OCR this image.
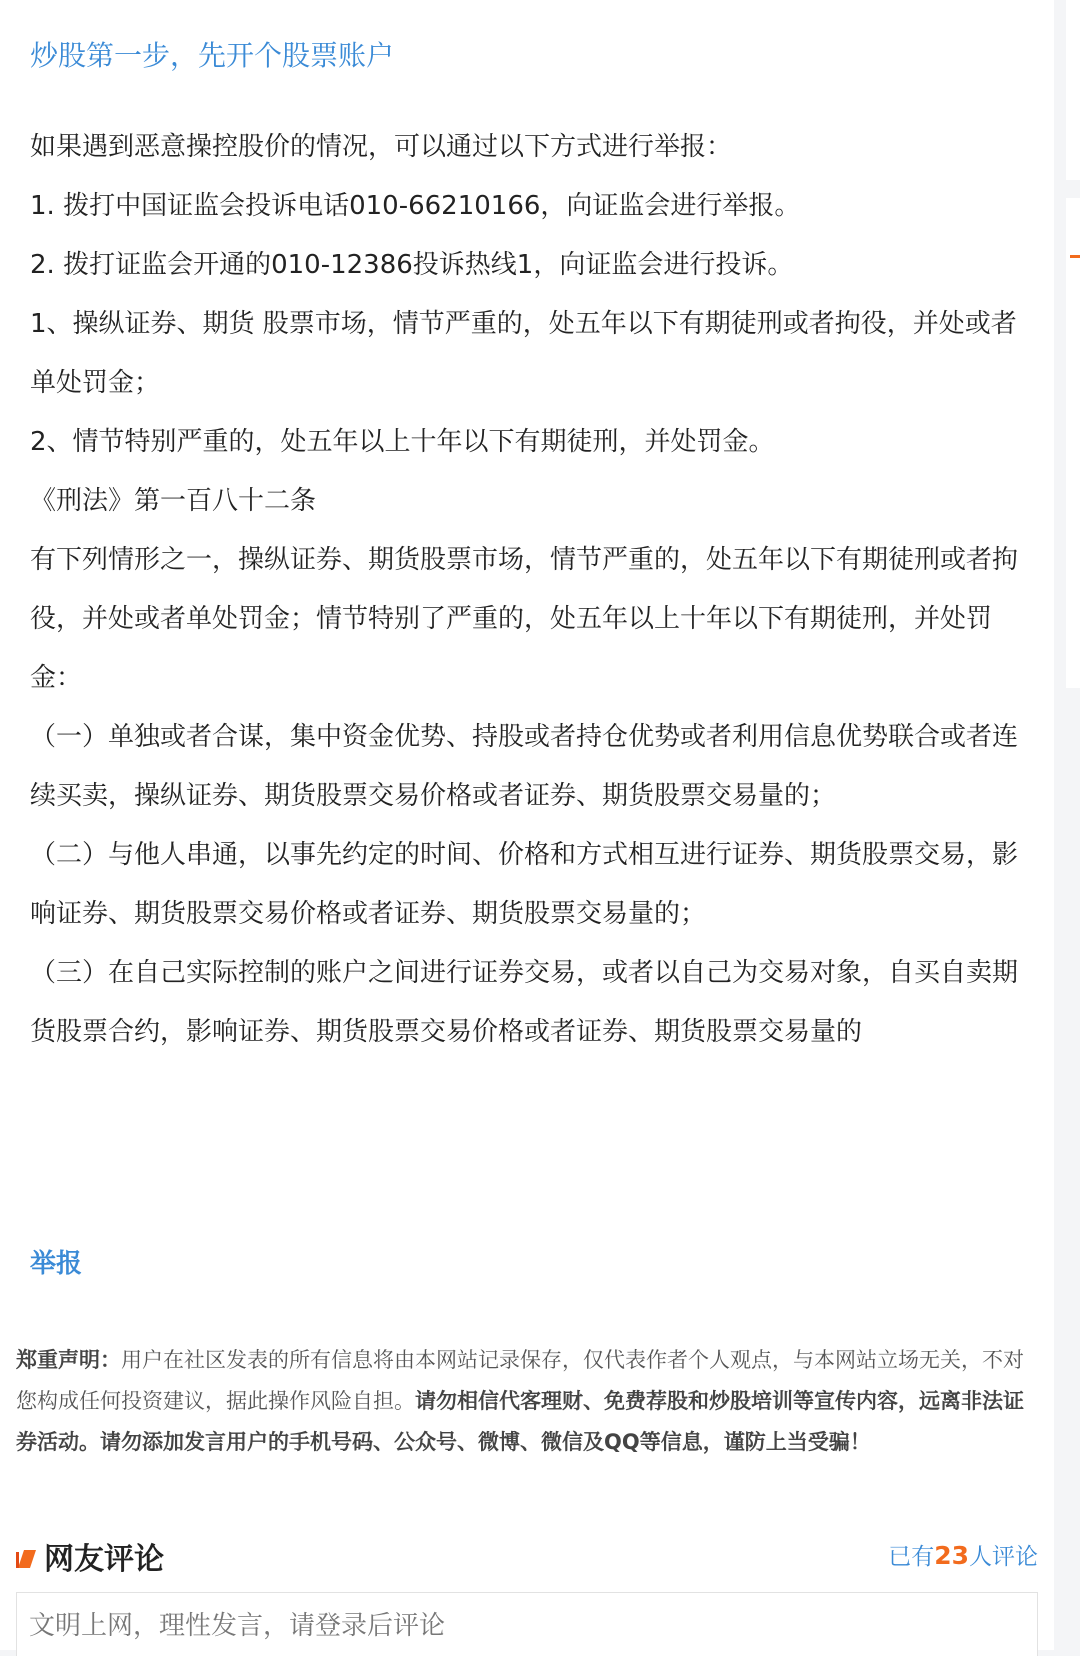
炒股第一步，先开个股票账户

如果遇到恶意操控股价的情况，可以通过以下方式进行举报：

1. 拨打中国证监会投诉电话010-66210166，向证监会进行举报。

2. 拨打证监会开通的010-12386投诉热线1，向证监会进行投诉。

1、操纵证券、期货 股票市场，情节严重的，处五年以下有期徒刑或者拘役，并处或者单处罚金；

2、情节特别严重的，处五年以上十年以下有期徒刑，并处罚金。

《刑法》第一百八十二条

有下列情形之一，操纵证券、期货股票市场，情节严重的，处五年以下有期徒刑或者拘役，并处或者单处罚金；情节特别了严重的，处五年以上十年以下有期徒刑，并处罚金：

（一）单独或者合谋，集中资金优势、持股或者持仓优势或者利用信息优势联合或者连续买卖，操纵证券、期货股票交易价格或者证券、期货股票交易量的；

（二）与他人串通，以事先约定的时间、价格和方式相互进行证券、期货股票交易，影响证券、期货股票交易价格或者证券、期货股票交易量的；

（三）在自己实际控制的账户之间进行证券交易，或者以自己为交易对象，自买自卖期货股票合约，影响证券、期货股票交易价格或者证券、期货股票交易量的

举报

郑重声明：用户在社区发表的所有信息将由本网站记录保存，仅代表作者个人观点，与本网站立场无关，不对您构成任何投资建议，据此操作风险自担。请勿相信代客理财、免费荐股和炒股培训等宣传内容，远离非法证券活动。请勿添加发言用户的手机号码、公众号、微博、微信及QQ等信息，谨防上当受骗！

网友评论	已有23人评论
文明上网，理性发言，请登录后评论
